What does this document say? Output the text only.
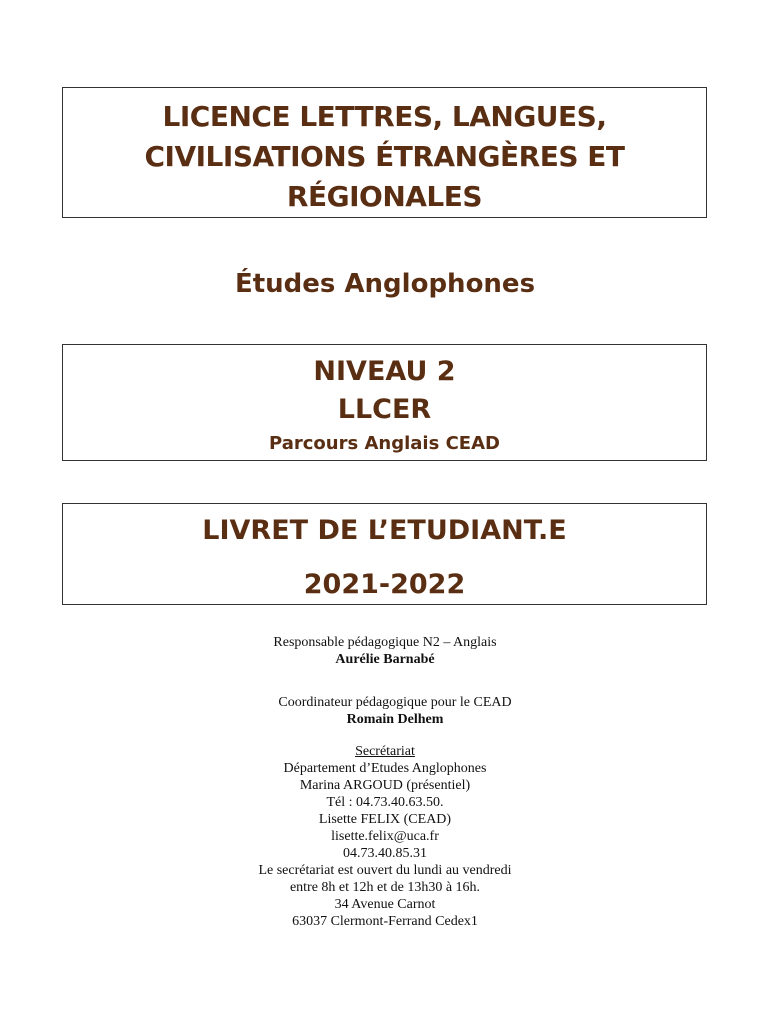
LICENCE LETTRES, LANGUES,
CIVILISATIONS ÉTRANGÈRES ET
RÉGIONALES
Études Anglophones
NIVEAU 2
LLCER
Parcours Anglais CEAD
LIVRET DE L’ETUDIANT.E
2021-2022
Responsable pédagogique N2 – Anglais
Aurélie Barnabé
Coordinateur pédagogique pour le CEAD
Romain Delhem
Secrétariat
Département d’Etudes Anglophones
Marina ARGOUD (présentiel)
Tél : 04.73.40.63.50.
Lisette FELIX (CEAD)
lisette.felix@uca.fr
04.73.40.85.31
Le secrétariat est ouvert du lundi au vendredi
entre 8h et 12h et de 13h30 à 16h.
34 Avenue Carnot
63037 Clermont-Ferrand Cedex1
